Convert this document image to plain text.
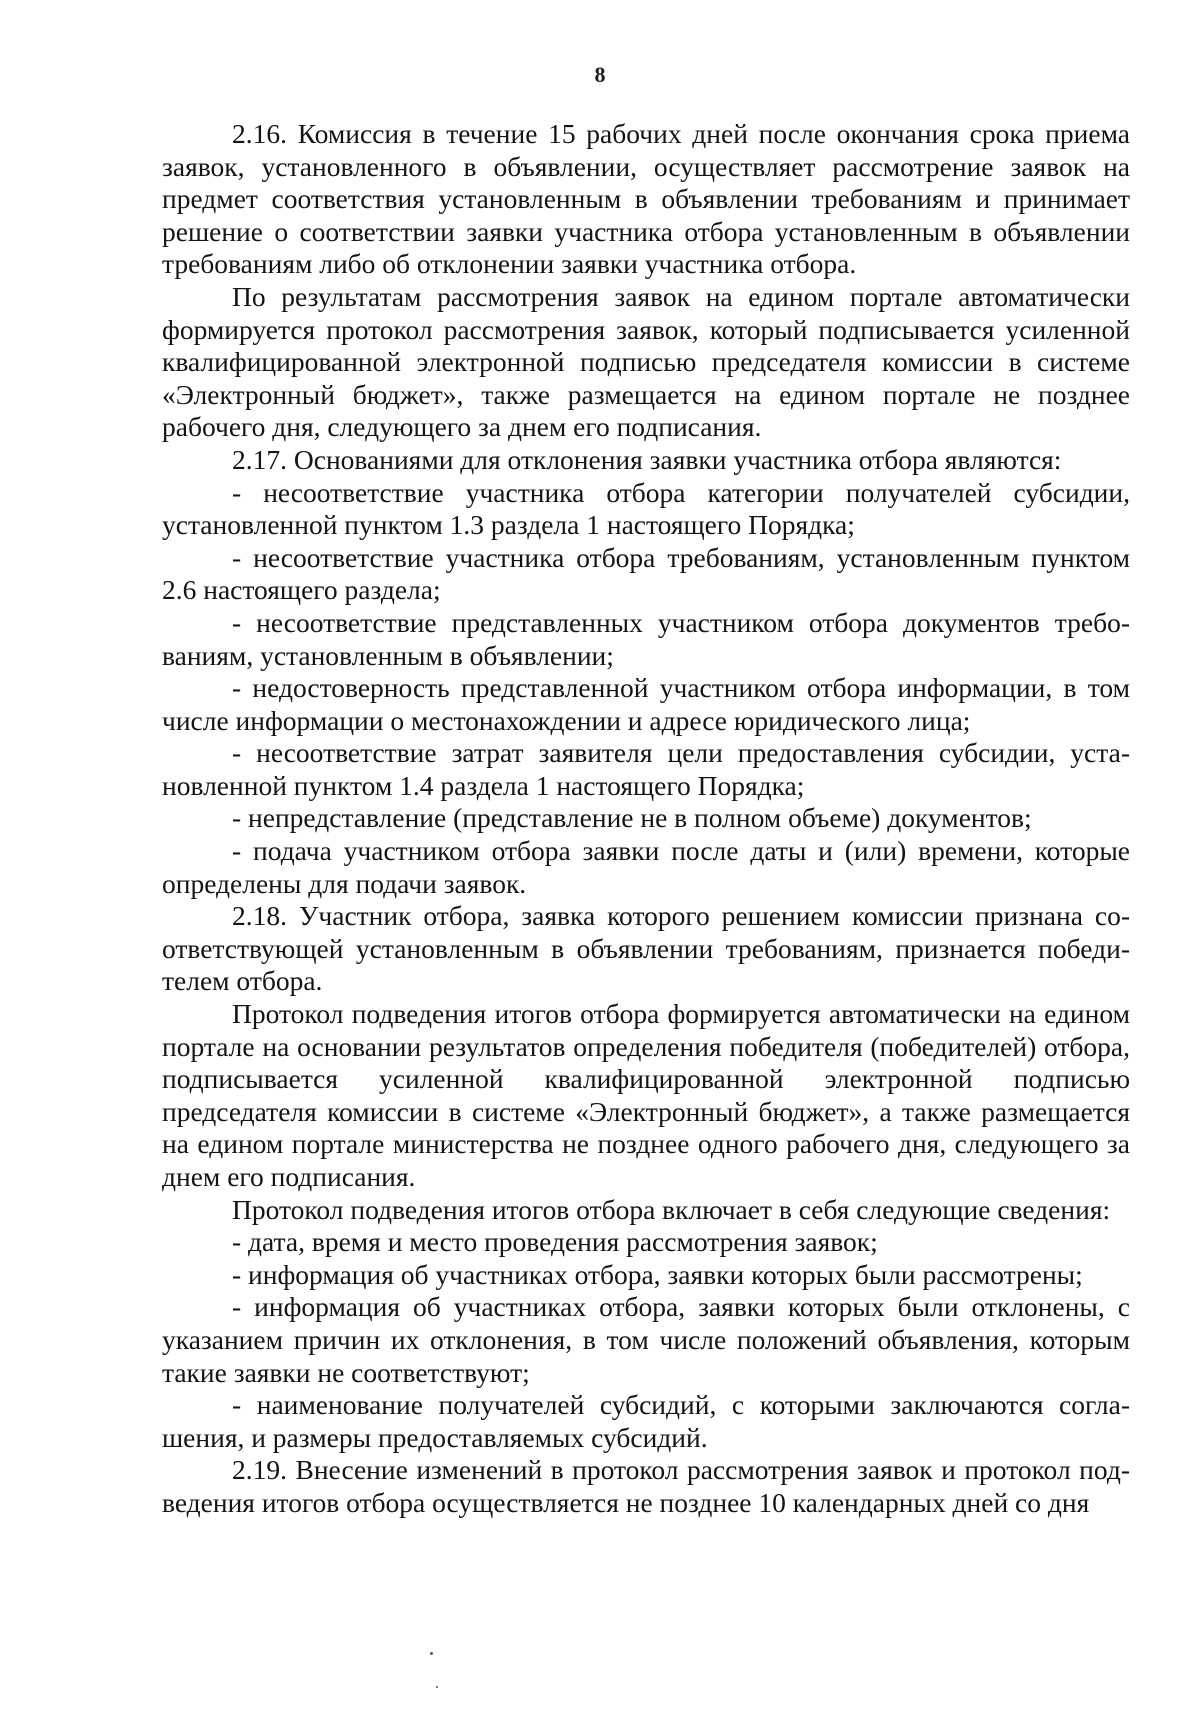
8

2.16. Комиссия в течение 15 рабочих дней после окончания срока приема заявок, установленного в объявлении, осуществляет рассмотрение заявок на предмет соответствия установленным в объявлении требованиям и принимает решение о соответствии заявки участника отбора установленным в объявлении требованиям либо об отклонении заявки участника отбора.

По результатам рассмотрения заявок на едином портале автоматически формируется протокол рассмотрения заявок, который подписывается усиленной квалифицированной электронной подписью председателя комиссии в системе «Электронный бюджет», также размещается на едином портале не позднее рабочего дня, следующего за днем его подписания.

2.17. Основаниями для отклонения заявки участника отбора являются:

- несоответствие участника отбора категории получателей субсидии, установленной пунктом 1.3 раздела 1 настоящего Порядка;

- несоответствие участника отбора требованиям, установленным пунктом 2.6 настоящего раздела;

- несоответствие представленных участником отбора документов требованиям, установленным в объявлении;

- недостоверность представленной участником отбора информации, в том числе информации о местонахождении и адресе юридического лица;

- несоответствие затрат заявителя цели предоставления субсидии, установленной пунктом 1.4 раздела 1 настоящего Порядка;

- непредставление (представление не в полном объеме) документов;

- подача участником отбора заявки после даты и (или) времени, которые определены для подачи заявок.

2.18. Участник отбора, заявка которого решением комиссии признана соответствующей установленным в объявлении требованиям, признается победителем отбора.

Протокол подведения итогов отбора формируется автоматически на едином портале на основании результатов определения победителя (победителей) отбора, подписывается усиленной квалифицированной электронной подписью председателя комиссии в системе «Электронный бюджет», а также размещается на едином портале министерства не позднее одного рабочего дня, следующего за днем его подписания.

Протокол подведения итогов отбора включает в себя следующие сведения:

- дата, время и место проведения рассмотрения заявок;

- информация об участниках отбора, заявки которых были рассмотрены;

- информация об участниках отбора, заявки которых были отклонены, с указанием причин их отклонения, в том числе положений объявления, которым такие заявки не соответствуют;

- наименование получателей субсидий, с которыми заключаются соглашения, и размеры предоставляемых субсидий.

2.19. Внесение изменений в протокол рассмотрения заявок и протокол подведения итогов отбора осуществляется не позднее 10 календарных дней со дня
